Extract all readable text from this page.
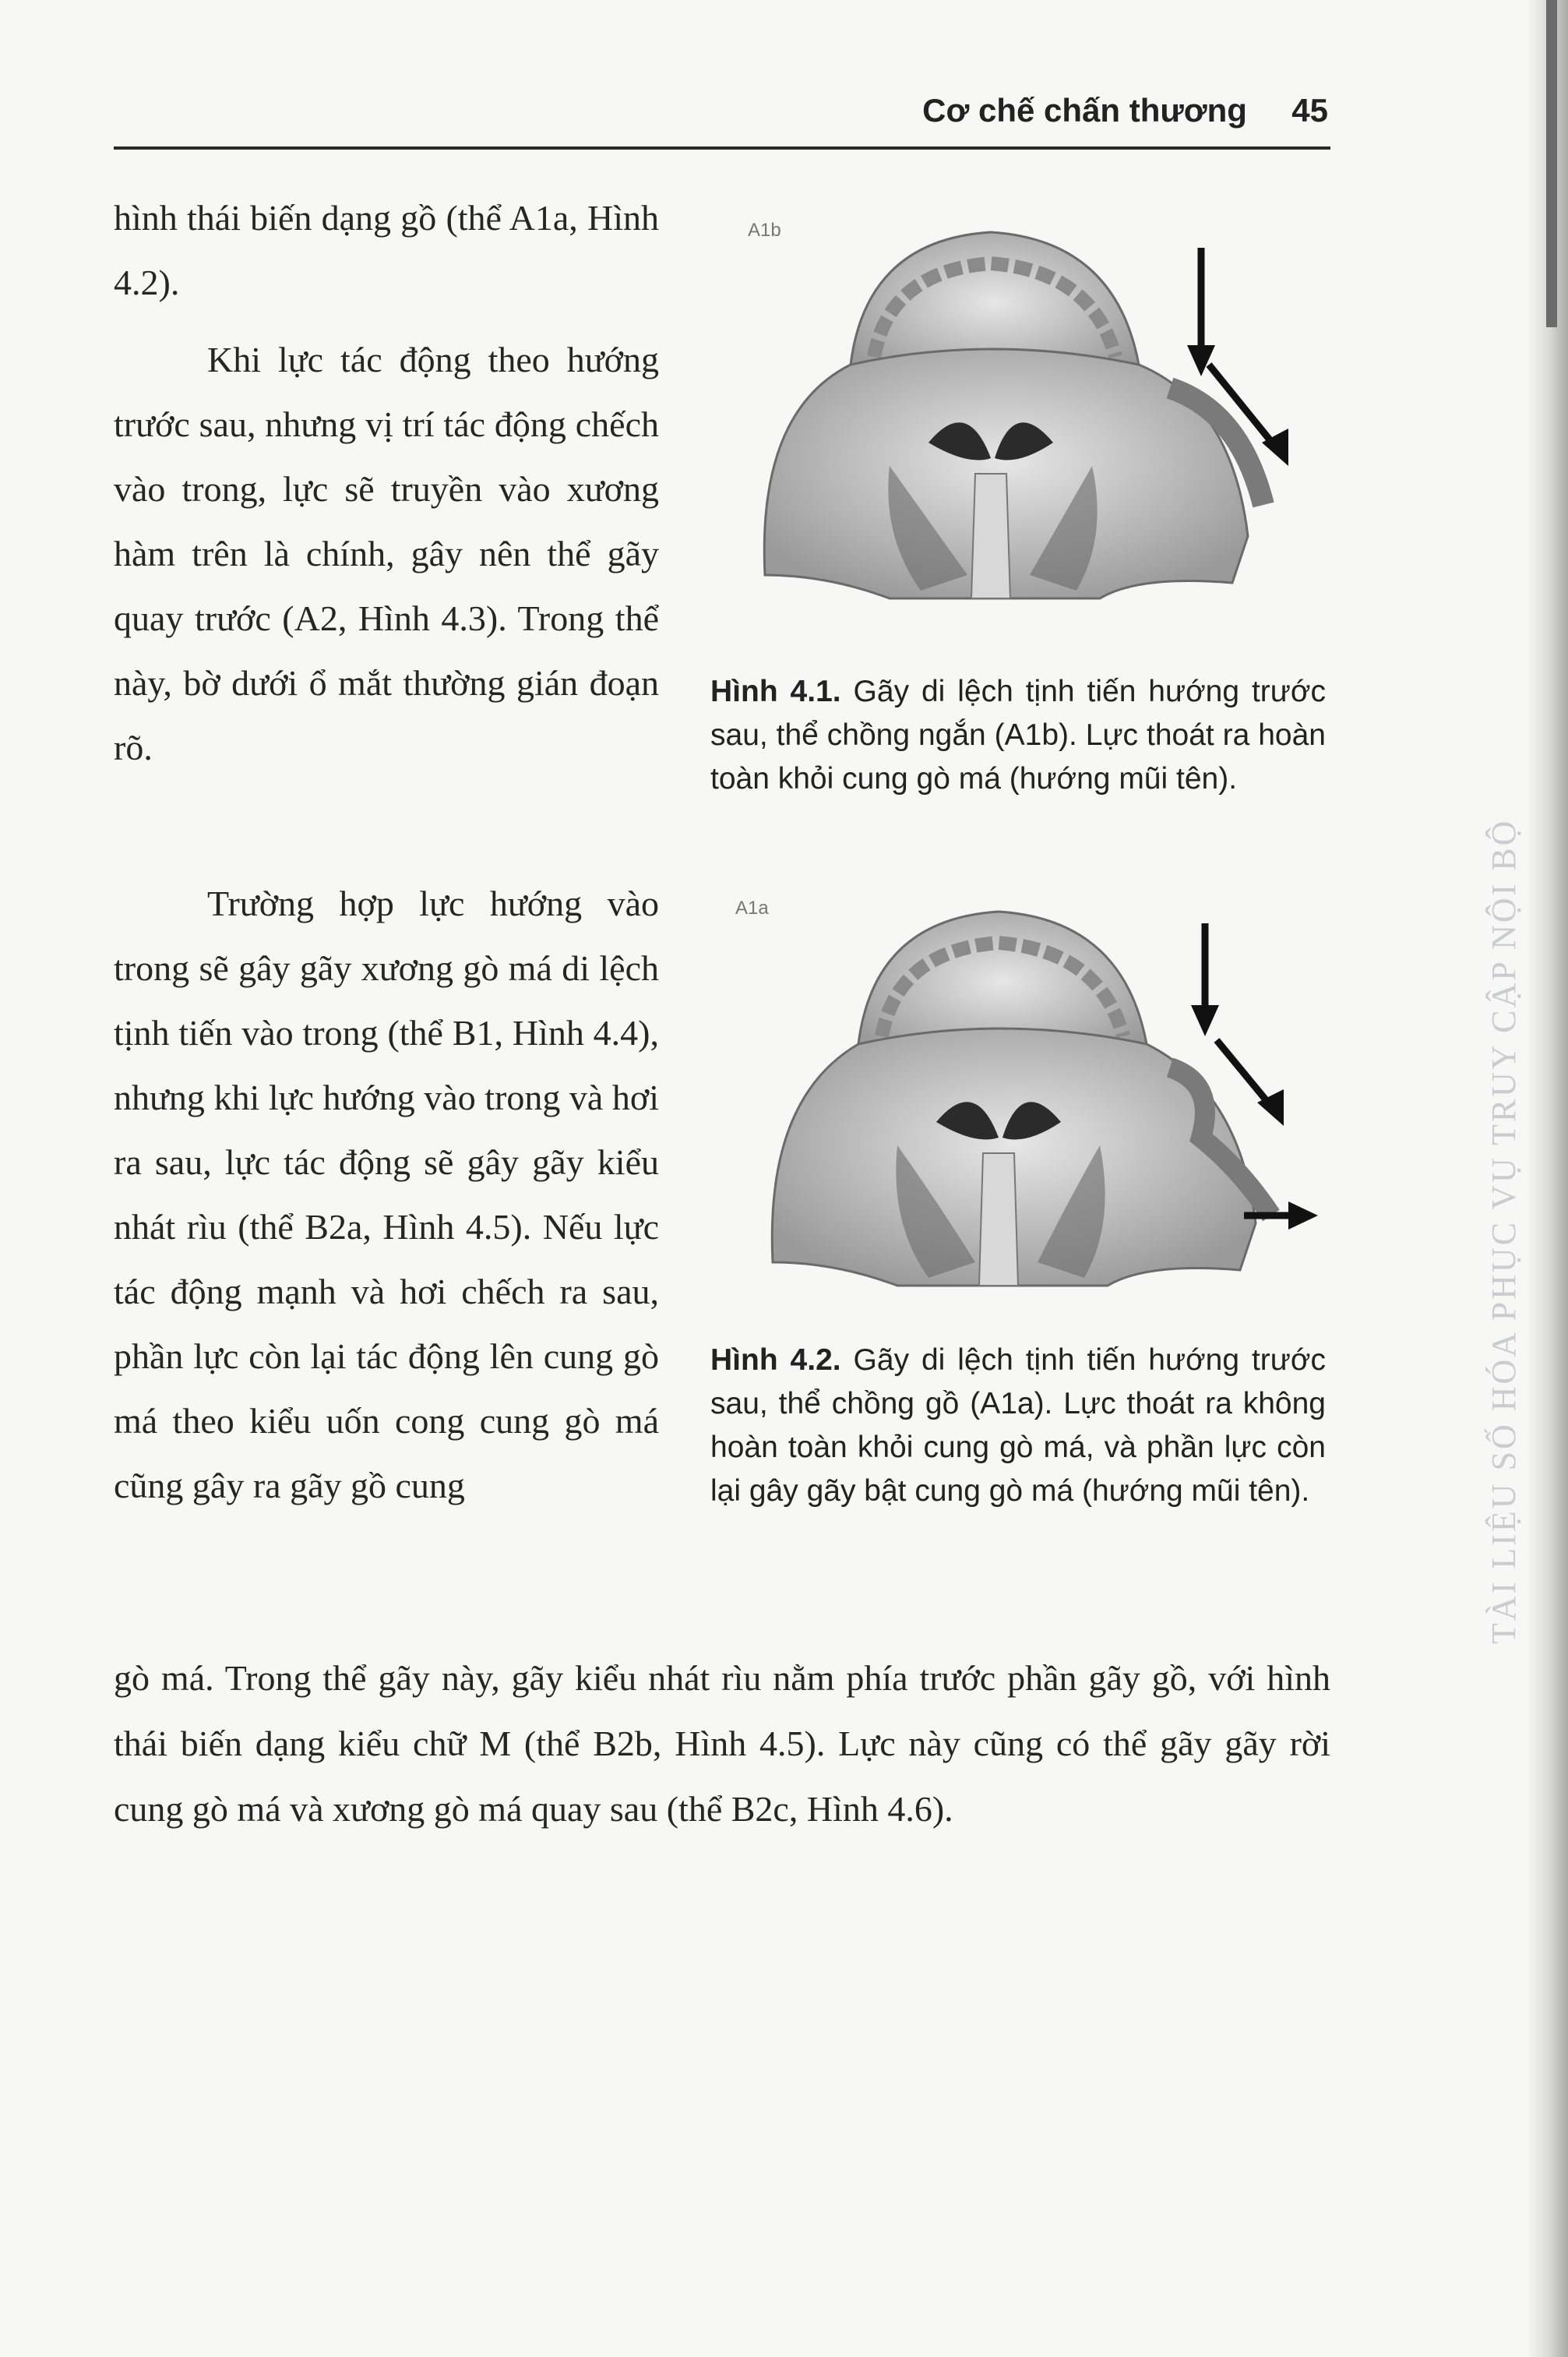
Cơ chế chấn thương 45

hình thái biến dạng gồ (thể A1a, Hình 4.2).

Khi lực tác động theo hướng trước sau, nhưng vị trí tác động chếch vào trong, lực sẽ truyền vào xương hàm trên là chính, gây nên thể gãy quay trước (A2, Hình 4.3). Trong thể này, bờ dưới ổ mắt thường gián đoạn rõ.

Trường hợp lực hướng vào trong sẽ gây gãy xương gò má di lệch tịnh tiến vào trong (thể B1, Hình 4.4), nhưng khi lực hướng vào trong và hơi ra sau, lực tác động sẽ gây gãy kiểu nhát rìu (thể B2a, Hình 4.5). Nếu lực tác động mạnh và hơi chếch ra sau, phần lực còn lại tác động lên cung gò má theo kiểu uốn cong cung gò má cũng gây ra gãy gồ cung

gò má. Trong thể gãy này, gãy kiểu nhát rìu nằm phía trước phần gãy gồ, với hình thái biến dạng kiểu chữ M (thể B2b, Hình 4.5). Lực này cũng có thể gãy gãy rời cung gò má và xương gò má quay sau (thể B2c, Hình 4.6).

A1b
Hình 4.1. Gãy di lệch tịnh tiến hướng trước sau, thể chồng ngắn (A1b). Lực thoát ra hoàn toàn khỏi cung gò má (hướng mũi tên).
A1a
Hình 4.2. Gãy di lệch tịnh tiến hướng trước sau, thể chồng gồ (A1a). Lực thoát ra không hoàn toàn khỏi cung gò má, và phần lực còn lại gây gãy bật cung gò má (hướng mũi tên).	TÀI LIỆU SỐ HÓA PHỤC VỤ TRUY CẬP NỘI BỘ
